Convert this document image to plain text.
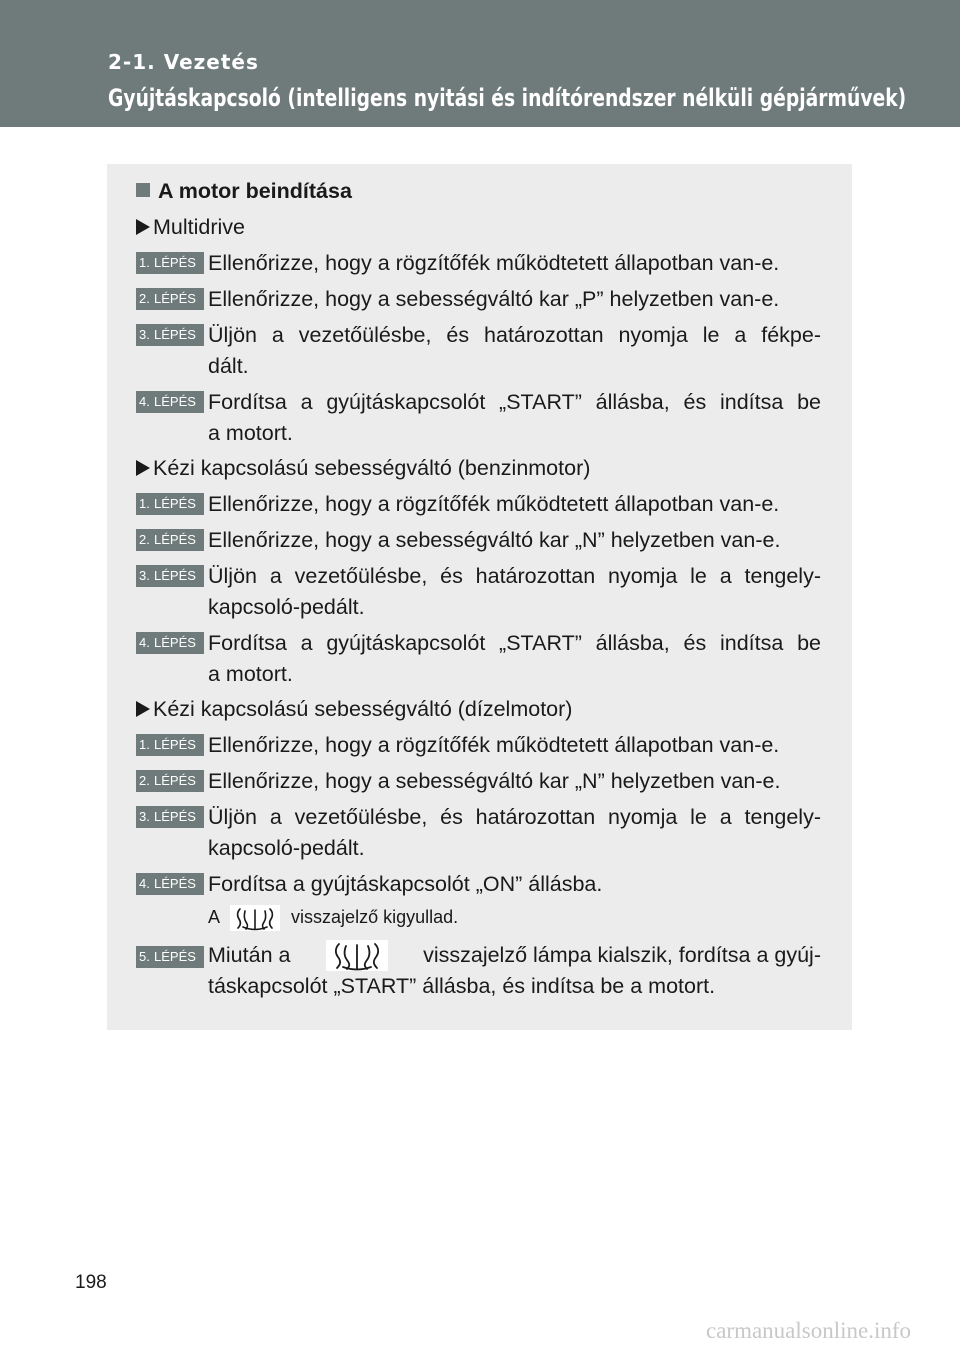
2-1. Vezetés
Gyújtáskapcsoló (intelligens nyitási és indítórendszer nélküli gépjárművek)
A motor beindítása
Multidrive
1. LÉPÉS Ellenőrizze, hogy a rögzítőfék működtetett állapotban van-e.
2. LÉPÉS Ellenőrizze, hogy a sebességváltó kar „P” helyzetben van-e.
3. LÉPÉS Üljön a vezetőülésbe, és határozottan nyomja le a fékpe-
dált.
4. LÉPÉS Fordítsa a gyújtáskapcsolót „START” állásba, és indítsa be
a motort.
Kézi kapcsolású sebességváltó (benzinmotor)
1. LÉPÉS Ellenőrizze, hogy a rögzítőfék működtetett állapotban van-e.
2. LÉPÉS Ellenőrizze, hogy a sebességváltó kar „N” helyzetben van-e.
3. LÉPÉS Üljön a vezetőülésbe, és határozottan nyomja le a tengely-
kapcsoló-pedált.
4. LÉPÉS Fordítsa a gyújtáskapcsolót „START” állásba, és indítsa be
a motort.
Kézi kapcsolású sebességváltó (dízelmotor)
1. LÉPÉS Ellenőrizze, hogy a rögzítőfék működtetett állapotban van-e.
2. LÉPÉS Ellenőrizze, hogy a sebességváltó kar „N” helyzetben van-e.
3. LÉPÉS Üljön a vezetőülésbe, és határozottan nyomja le a tengely-
kapcsoló-pedált.
4. LÉPÉS Fordítsa a gyújtáskapcsolót „ON” állásba.
A	visszajelző kigyullad.
5. LÉPÉS Miután a	visszajelző lámpa kialszik, fordítsa a gyúj-
táskapcsolót „START” állásba, és indítsa be a motort.
198
carmanualsonline.info
